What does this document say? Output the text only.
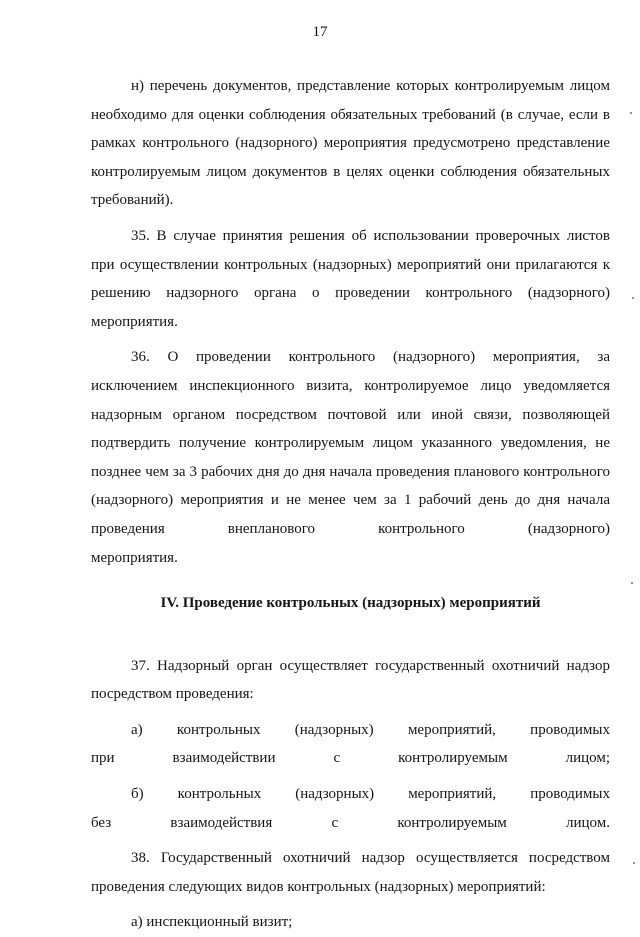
17

н) перечень документов, представление которых контролируемым лицом необходимо для оценки соблюдения обязательных требований (в случае, если в рамках контрольного (надзорного) мероприятия предусмотрено представление контролируемым лицом документов в целях оценки соблюдения обязательных требований).

35. В случае принятия решения об использовании проверочных листов при осуществлении контрольных (надзорных) мероприятий они прилагаются к решению надзорного органа о проведении контрольного (надзорного) мероприятия.

36. О проведении контрольного (надзорного) мероприятия, за исключением инспекционного визита, контролируемое лицо уведомляется надзорным органом посредством почтовой или иной связи, позволяющей подтвердить получение контролируемым лицом указанного уведомления, не позднее чем за 3 рабочих дня до дня начала проведения планового контрольного (надзорного) мероприятия и не менее чем за 1 рабочий день до дня начала проведения внепланового контрольного (надзорного)
мероприятия.

IV. Проведение контрольных (надзорных) мероприятий

37. Надзорный орган осуществляет государственный охотничий надзор посредством проведения:

а) контрольных (надзорных) мероприятий, проводимых
при взаимодействии с контролируемым лицом;

б) контрольных (надзорных) мероприятий, проводимых
без взаимодействия с контролируемым лицом.

38. Государственный охотничий надзор осуществляется посредством проведения следующих видов контрольных (надзорных) мероприятий:

а) инспекционный визит;
